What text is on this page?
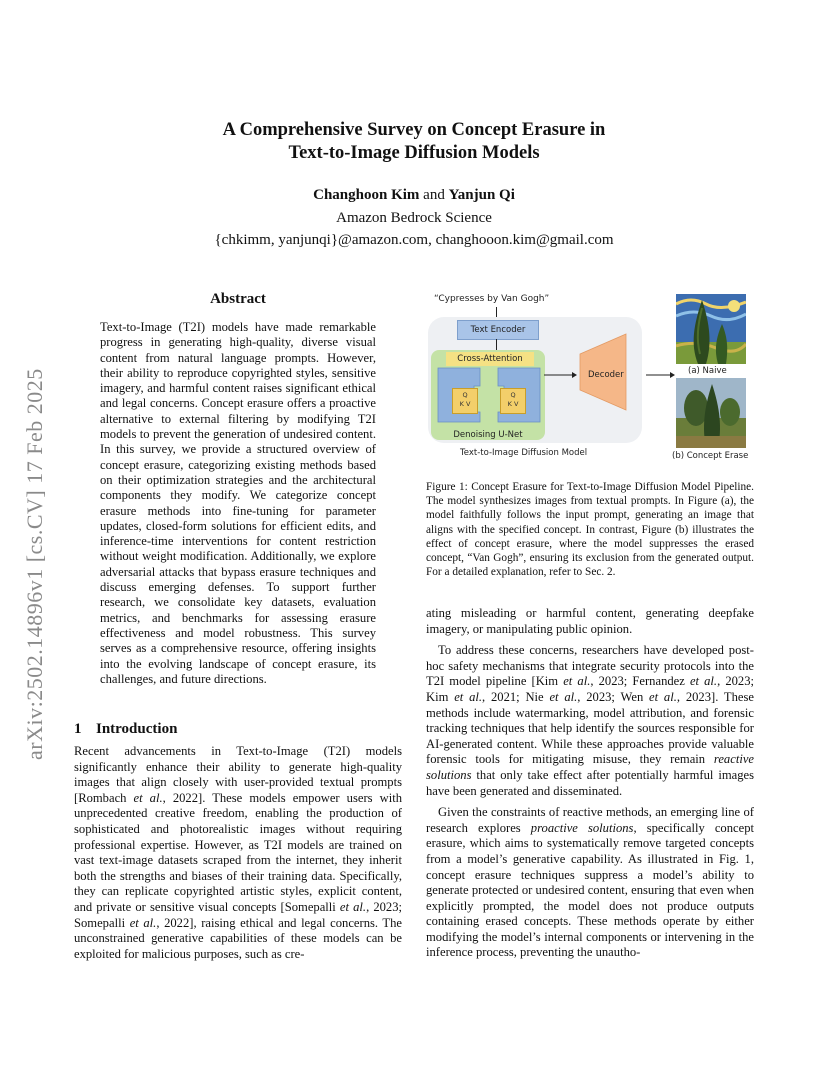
arXiv:2502.14896v1 [cs.CV] 17 Feb 2025
A Comprehensive Survey on Concept Erasure in
Text-to-Image Diffusion Models
Changhoon Kim and Yanjun Qi
Amazon Bedrock Science
{chkimm, yanjunqi}@amazon.com, changhooon.kim@gmail.com
Abstract
Text-to-Image (T2I) models have made remarkable progress in generating high-quality, diverse visual content from natural language prompts. However, their ability to reproduce copyrighted styles, sensitive imagery, and harmful content raises significant ethical and legal concerns. Concept erasure offers a proactive alternative to external filtering by modifying T2I models to prevent the generation of undesired content. In this survey, we provide a structured overview of concept erasure, categorizing existing methods based on their optimization strategies and the architectural components they modify. We categorize concept erasure methods into fine-tuning for parameter updates, closed-form solutions for efficient edits, and inference-time interventions for content restriction without weight modification. Additionally, we explore adversarial attacks that bypass erasure techniques and discuss emerging defenses. To support further research, we consolidate key datasets, evaluation metrics, and benchmarks for assessing erasure effectiveness and model robustness. This survey serves as a comprehensive resource, offering insights into the evolving landscape of concept erasure, its challenges, and future directions.
1 Introduction
Recent advancements in Text-to-Image (T2I) models significantly enhance their ability to generate high-quality images that align closely with user-provided textual prompts [Rombach et al., 2022]. These models empower users with unprecedented creative freedom, enabling the production of sophisticated and photorealistic images without requiring professional expertise. However, as T2I models are trained on vast text-image datasets scraped from the internet, they inherit both the strengths and biases of their training data. Specifically, they can replicate copyrighted artistic styles, explicit content, and private or sensitive visual concepts [Somepalli et al., 2023; Somepalli et al., 2022], raising ethical and legal concerns. The unconstrained generative capabilities of these models can be exploited for malicious purposes, such as cre-
“Cypresses by Van Gogh”
Text Encoder
Cross-Attention
Q
K V
Q
K V
Denoising U-Net
Decoder
Text-to-Image Diffusion Model
(a) Naive
(b) Concept Erase
Figure 1: Concept Erasure for Text-to-Image Diffusion Model Pipeline. The model synthesizes images from textual prompts. In Figure (a), the model faithfully follows the input prompt, generating an image that aligns with the specified concept. In contrast, Figure (b) illustrates the effect of concept erasure, where the model suppresses the erased concept, “Van Gogh”, ensuring its exclusion from the generated output. For a detailed explanation, refer to Sec. 2.

ating misleading or harmful content, generating deepfake imagery, or manipulating public opinion.

To address these concerns, researchers have developed post-hoc safety mechanisms that integrate security protocols into the T2I model pipeline [Kim et al., 2023; Fernandez et al., 2023; Kim et al., 2021; Nie et al., 2023; Wen et al., 2023]. These methods include watermarking, model attribution, and forensic tracking techniques that help identify the sources responsible for AI-generated content. While these approaches provide valuable forensic tools for mitigating misuse, they remain reactive solutions that only take effect after potentially harmful images have been generated and disseminated.

Given the constraints of reactive methods, an emerging line of research explores proactive solutions, specifically concept erasure, which aims to systematically remove targeted concepts from a model’s generative capability. As illustrated in Fig. 1, concept erasure techniques suppress a model’s ability to generate protected or undesired content, ensuring that even when explicitly prompted, the model does not produce outputs containing erased concepts. These methods operate by either modifying the model’s internal components or intervening in the inference process, preventing the unautho-
